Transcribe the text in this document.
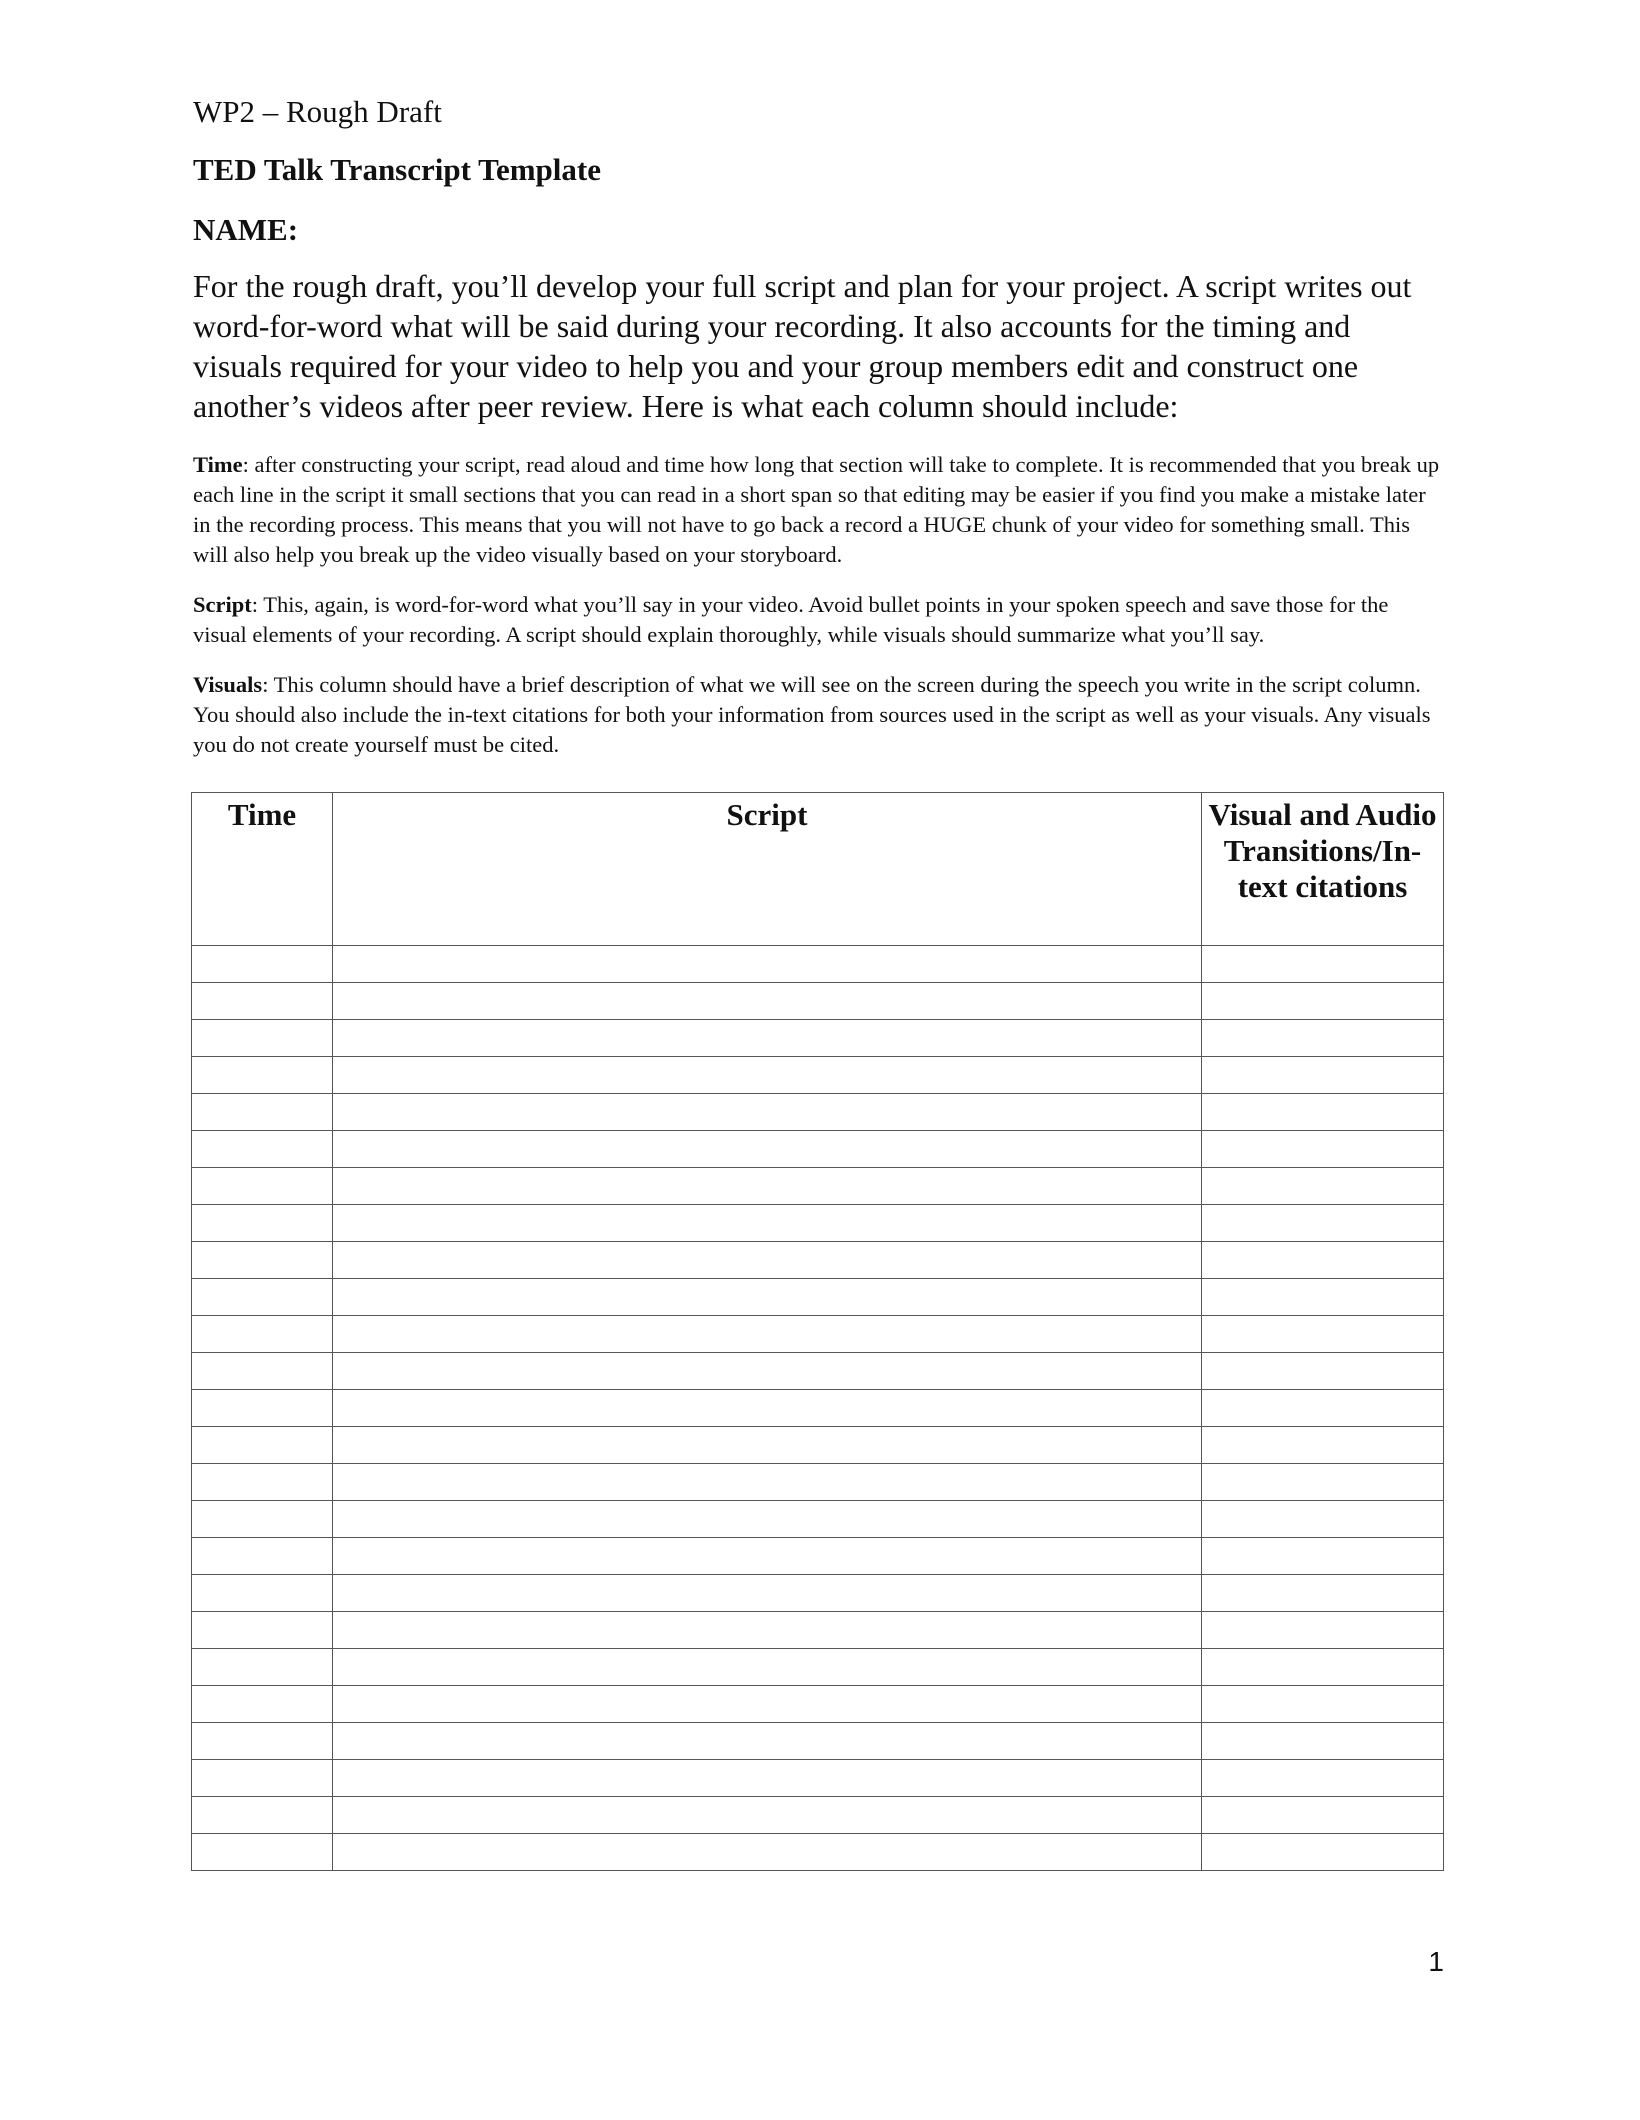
WP2 – Rough Draft

TED Talk Transcript Template

NAME:

For the rough draft, you’ll develop your full script and plan for your project. A script writes out word-for-word what will be said during your recording. It also accounts for the timing and visuals required for your video to help you and your group members edit and construct one another’s videos after peer review. Here is what each column should include:

Time: after constructing your script, read aloud and time how long that section will take to complete. It is recommended that you break up each line in the script it small sections that you can read in a short span so that editing may be easier if you find you make a mistake later in the recording process. This means that you will not have to go back a record a HUGE chunk of your video for something small. This will also help you break up the video visually based on your storyboard.

Script: This, again, is word-for-word what you’ll say in your video. Avoid bullet points in your spoken speech and save those for the visual elements of your recording. A script should explain thoroughly, while visuals should summarize what you’ll say.

Visuals: This column should have a brief description of what we will see on the screen during the speech you write in the script column. You should also include the in-text citations for both your information from sources used in the script as well as your visuals. Any visuals you do not create yourself must be cited.

Time	Script	Visual and Audio Transitions/In-text citations

1
